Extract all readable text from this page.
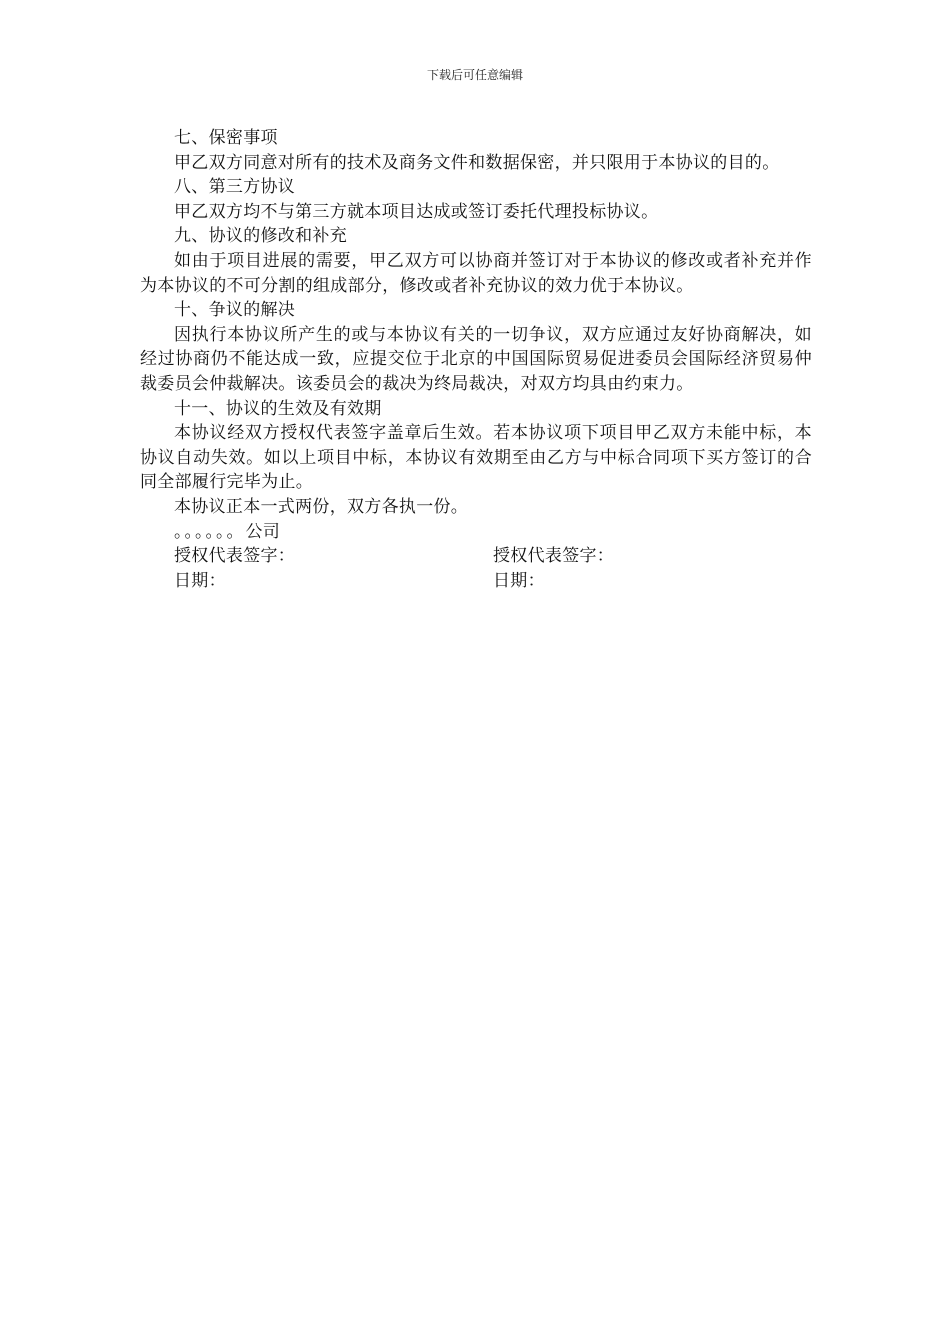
下载后可任意编辑

七、保密事项

甲乙双方同意对所有的技术及商务文件和数据保密，并只限用于本协议的目的。

八、第三方协议

甲乙双方均不与第三方就本项目达成或签订委托代理投标协议。

九、协议的修改和补充

如由于项目进展的需要，甲乙双方可以协商并签订对于本协议的修改或者补充并作为本协议的不可分割的组成部分，修改或者补充协议的效力优于本协议。

十、争议的解决

因执行本协议所产生的或与本协议有关的一切争议，双方应通过友好协商解决，如经过协商仍不能达成一致，应提交位于北京的中国国际贸易促进委员会国际经济贸易仲裁委员会仲裁解决。该委员会的裁决为终局裁决，对双方均具由约束力。

十一、协议的生效及有效期

本协议经双方授权代表签字盖章后生效。若本协议项下项目甲乙双方未能中标，本协议自动失效。如以上项目中标，本协议有效期至由乙方与中标合同项下买方签订的合同全部履行完毕为止。

本协议正本一式两份，双方各执一份。

。。。。。。公司

授权代表签字：	授权代表签字：
日期：	日期：
